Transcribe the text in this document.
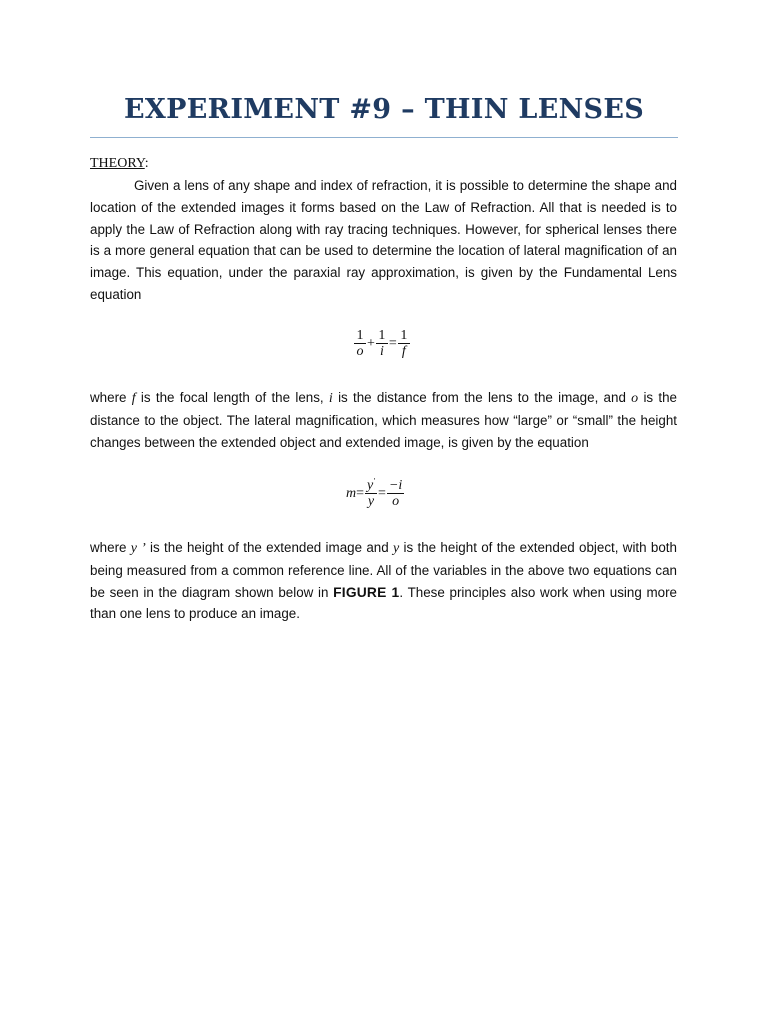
EXPERIMENT #9 – THIN LENSES
THEORY:
Given a lens of any shape and index of refraction, it is possible to determine the shape and location of the extended images it forms based on the Law of Refraction. All that is needed is to apply the Law of Refraction along with ray tracing techniques. However, for spherical lenses there is a more general equation that can be used to determine the location of lateral magnification of an image. This equation, under the paraxial ray approximation, is given by the Fundamental Lens equation
$\frac{1}{o} + \frac{1}{i} = \frac{1}{f}$
where f is the focal length of the lens, i is the distance from the lens to the image, and o is the distance to the object. The lateral magnification, which measures how “large” or “small” the height changes between the extended object and extended image, is given by the equation
$m = \frac{y'}{y} = \frac{-i}{o}$
where y ’ is the height of the extended image and y is the height of the extended object, with both being measured from a common reference line. All of the variables in the above two equations can be seen in the diagram shown below in FIGURE 1. These principles also work when using more than one lens to produce an image.
